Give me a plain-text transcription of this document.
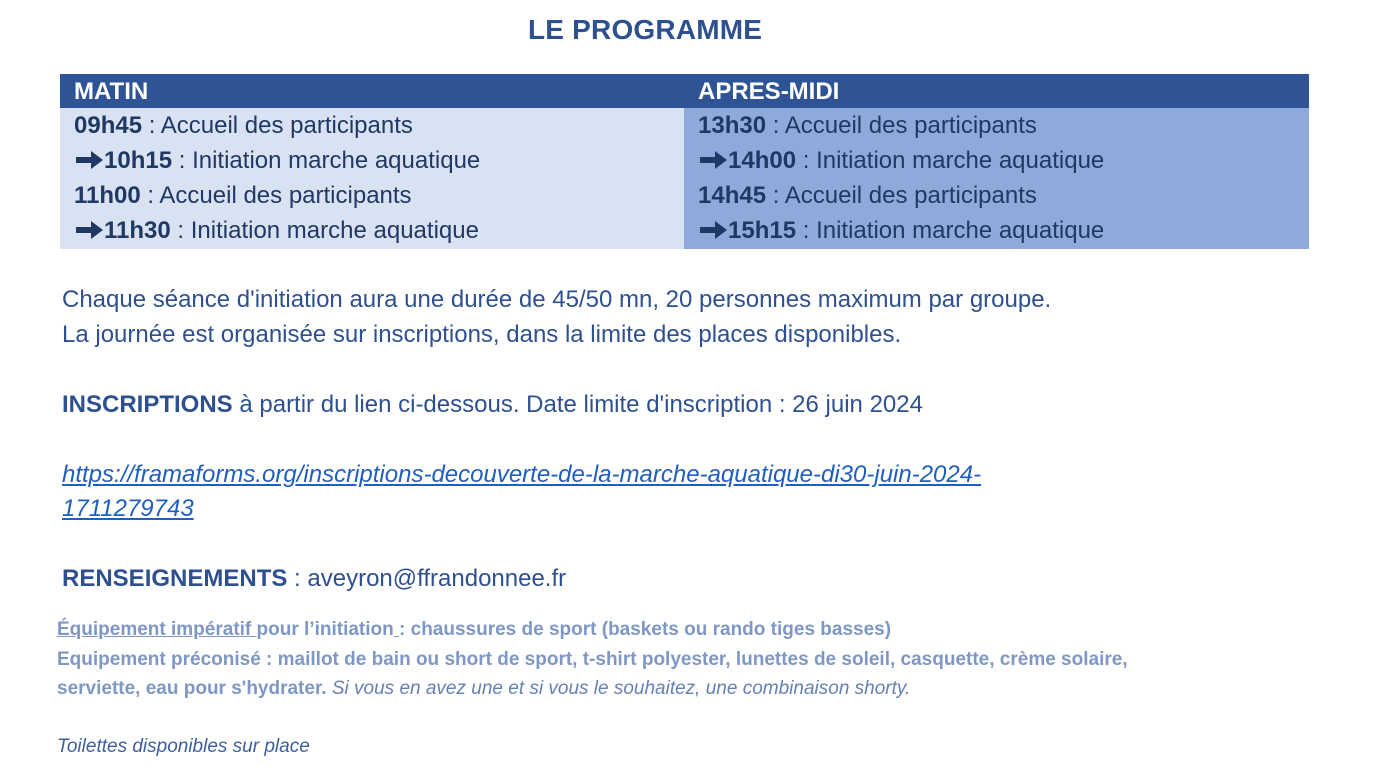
LE PROGRAMME
MATIN
09h45 : Accueil des participants
10h15 : Initiation marche aquatique
11h00 : Accueil des participants
11h30 : Initiation marche aquatique
APRES-MIDI
13h30 : Accueil des participants
14h00 : Initiation marche aquatique
14h45 : Accueil des participants
15h15 : Initiation marche aquatique
Chaque séance d'initiation aura une durée de 45/50 mn, 20 personnes maximum par groupe.
La journée est organisée sur inscriptions, dans la limite des places disponibles.
INSCRIPTIONS à partir du lien ci-dessous. Date limite d'inscription : 26 juin 2024
https://framaforms.org/inscriptions-decouverte-de-la-marche-aquatique-di30-juin-2024-
1711279743
RENSEIGNEMENTS : aveyron@ffrandonnee.fr
Équipement impératif pour l’initiation : chaussures de sport (baskets ou rando tiges basses)
Equipement préconisé : maillot de bain ou short de sport, t-shirt polyester, lunettes de soleil, casquette, crème solaire,
serviette, eau pour s'hydrater. Si vous en avez une et si vous le souhaitez, une combinaison shorty.
Toilettes disponibles sur place
